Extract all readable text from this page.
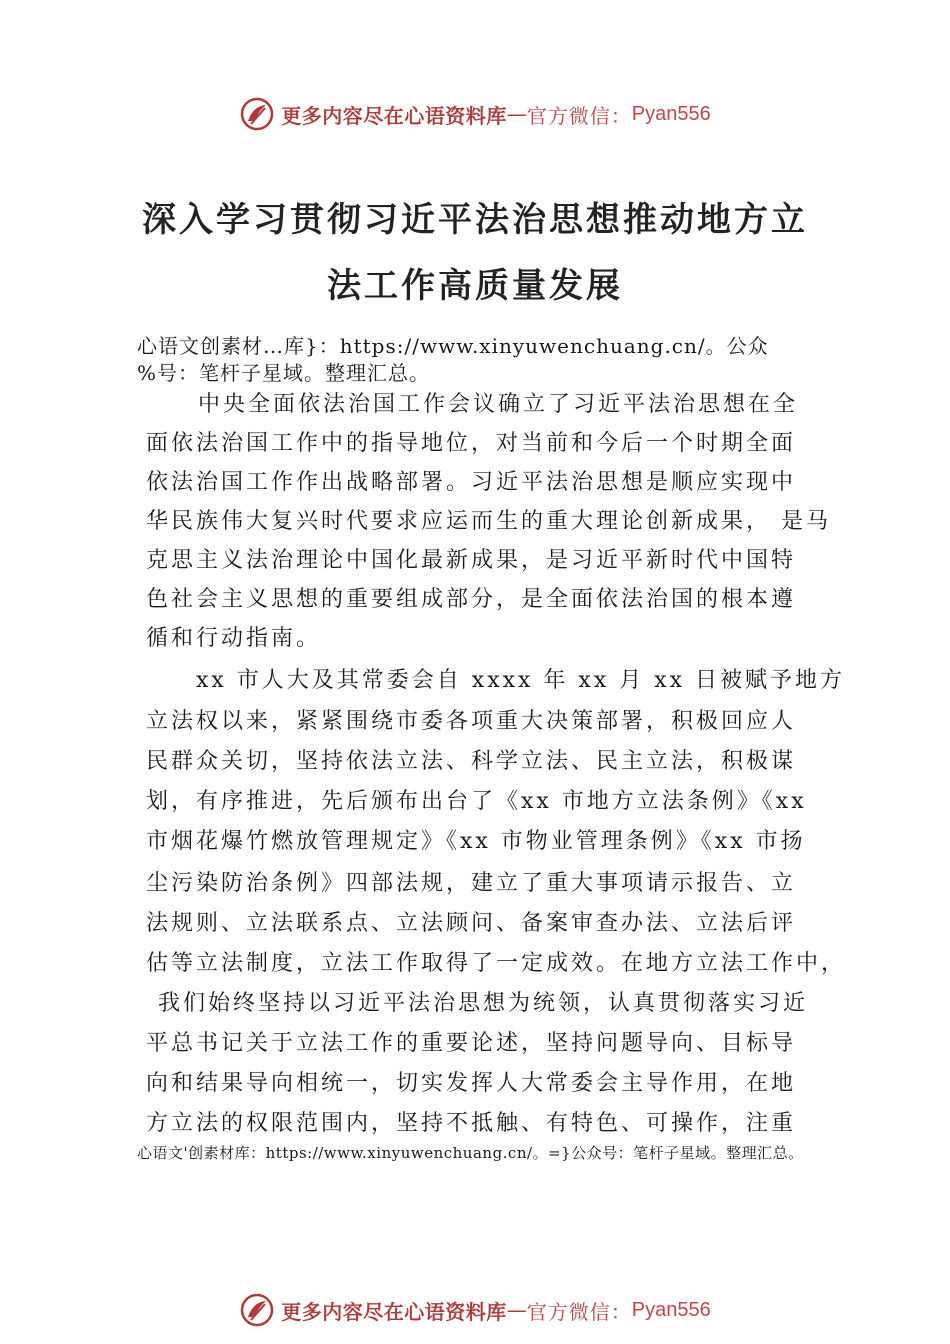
更多内容尽在心语资料库 — 官方微信： Pyan556
深入学习贯彻习近平法治思想推动地方立
法工作高质量发展
心语文创素材…库}：https://www.xinyuwenchuang.cn/。公众
%号：笔杆子星域。整理汇总。
中央全面依法治国工作会议确立了习近平法治思想在全
面依法治国工作中的指导地位，对当前和今后一个时期全面
依法治国工作作出战略部署。习近平法治思想是顺应实现中
华民族伟大复兴时代要求应运而生的重大理论创新成果， 是马
克思主义法治理论中国化最新成果，是习近平新时代中国特
色社会主义思想的重要组成部分，是全面依法治国的根本遵
循和行动指南。
xx 市人大及其常委会自 xxxx 年 xx 月 xx 日被赋予地方
立法权以来，紧紧围绕市委各项重大决策部署，积极回应人
民群众关切，坚持依法立法、科学立法、民主立法，积极谋
划，有序推进，先后颁布出台了《xx 市地方立法条例》《xx
市烟花爆竹燃放管理规定》《xx 市物业管理条例》《xx 市扬
尘污染防治条例》四部法规，建立了重大事项请示报告、立
法规则、立法联系点、立法顾问、备案审查办法、立法后评
估等立法制度，立法工作取得了一定成效。在地方立法工作中，
我们始终坚持以习近平法治思想为统领，认真贯彻落实习近
平总书记关于立法工作的重要论述，坚持问题导向、目标导
向和结果导向相统一，切实发挥人大常委会主导作用，在地
方立法的权限范围内，坚持不抵触、有特色、可操作，注重
心语文'创素材库：https://www.xinyuwenchuang.cn/。=}公众号：笔杆子星域。整理汇总。
更多内容尽在心语资料库 — 官方微信： Pyan556
